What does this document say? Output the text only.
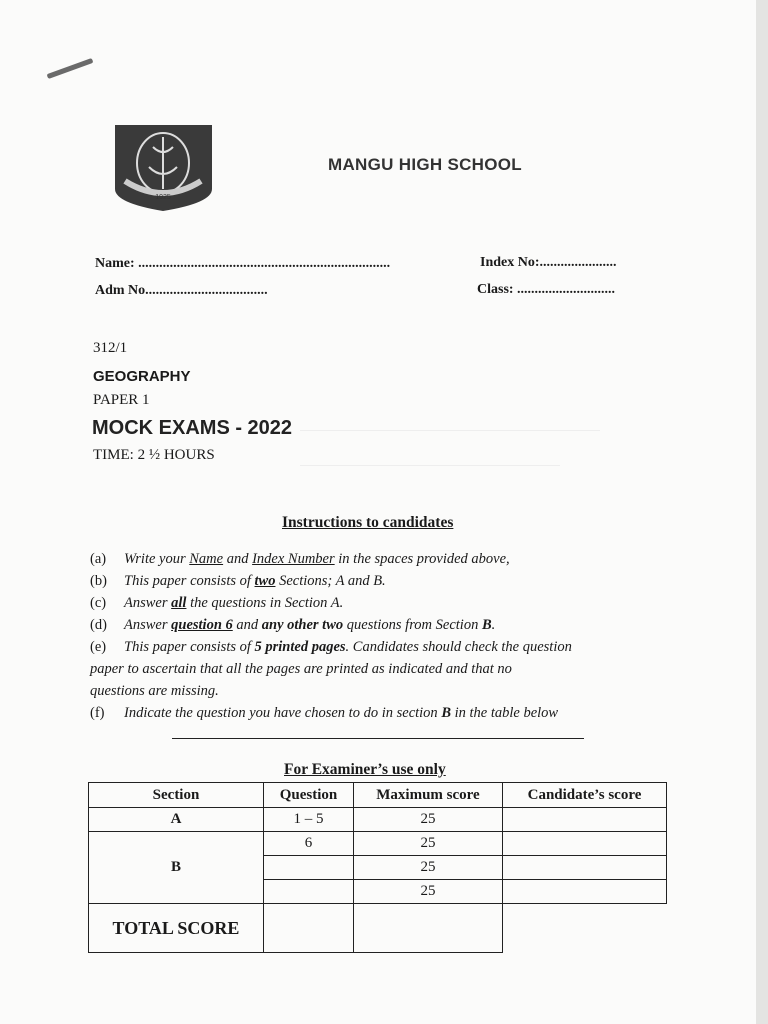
1925
MANGU HIGH SCHOOL
Name: ........................................................................	Index No:......................
Adm No...................................	Class: ............................
312/1
GEOGRAPHY
PAPER 1
MOCK EXAMS - 2022
TIME: 2 ½ HOURS
Instructions to candidates
(a) Write your Name and Index Number in the spaces provided above,
(b) This paper consists of two Sections; A and B.
(c) Answer all the questions in Section A.
(d) Answer question 6 and any other two questions from Section B.
(e) This paper consists of 5 printed pages. Candidates should check the question
paper to ascertain that all the pages are printed as indicated and that no
questions are missing.
(f) Indicate the question you have chosen to do in section B in the table below
For Examiner’s use only
Section	Question	Maximum score	Candidate’s score
A	1 – 5	25	
B	6	25	
		25	
		25	
TOTAL SCORE			
